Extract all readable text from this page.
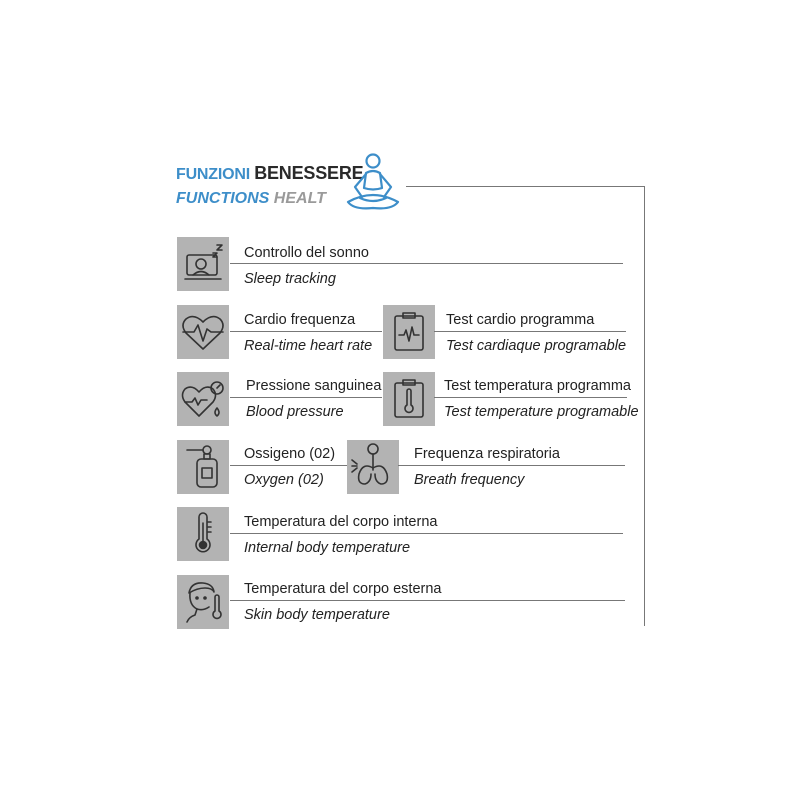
FUNZIONI BENESSERE
FUNCTIONS HEALT
Controllo del sonno
Sleep tracking
Cardio frequenza
Real-time heart rate
Test cardio programma
Test cardiaque programable
Pressione sanguinea
Blood pressure
Test temperatura programma
Test temperature programable
Ossigeno (02)
Oxygen (02)
Frequenza respiratoria
Breath frequency
Temperatura del corpo interna
Internal body temperature
Temperatura del corpo esterna
Skin body temperature
